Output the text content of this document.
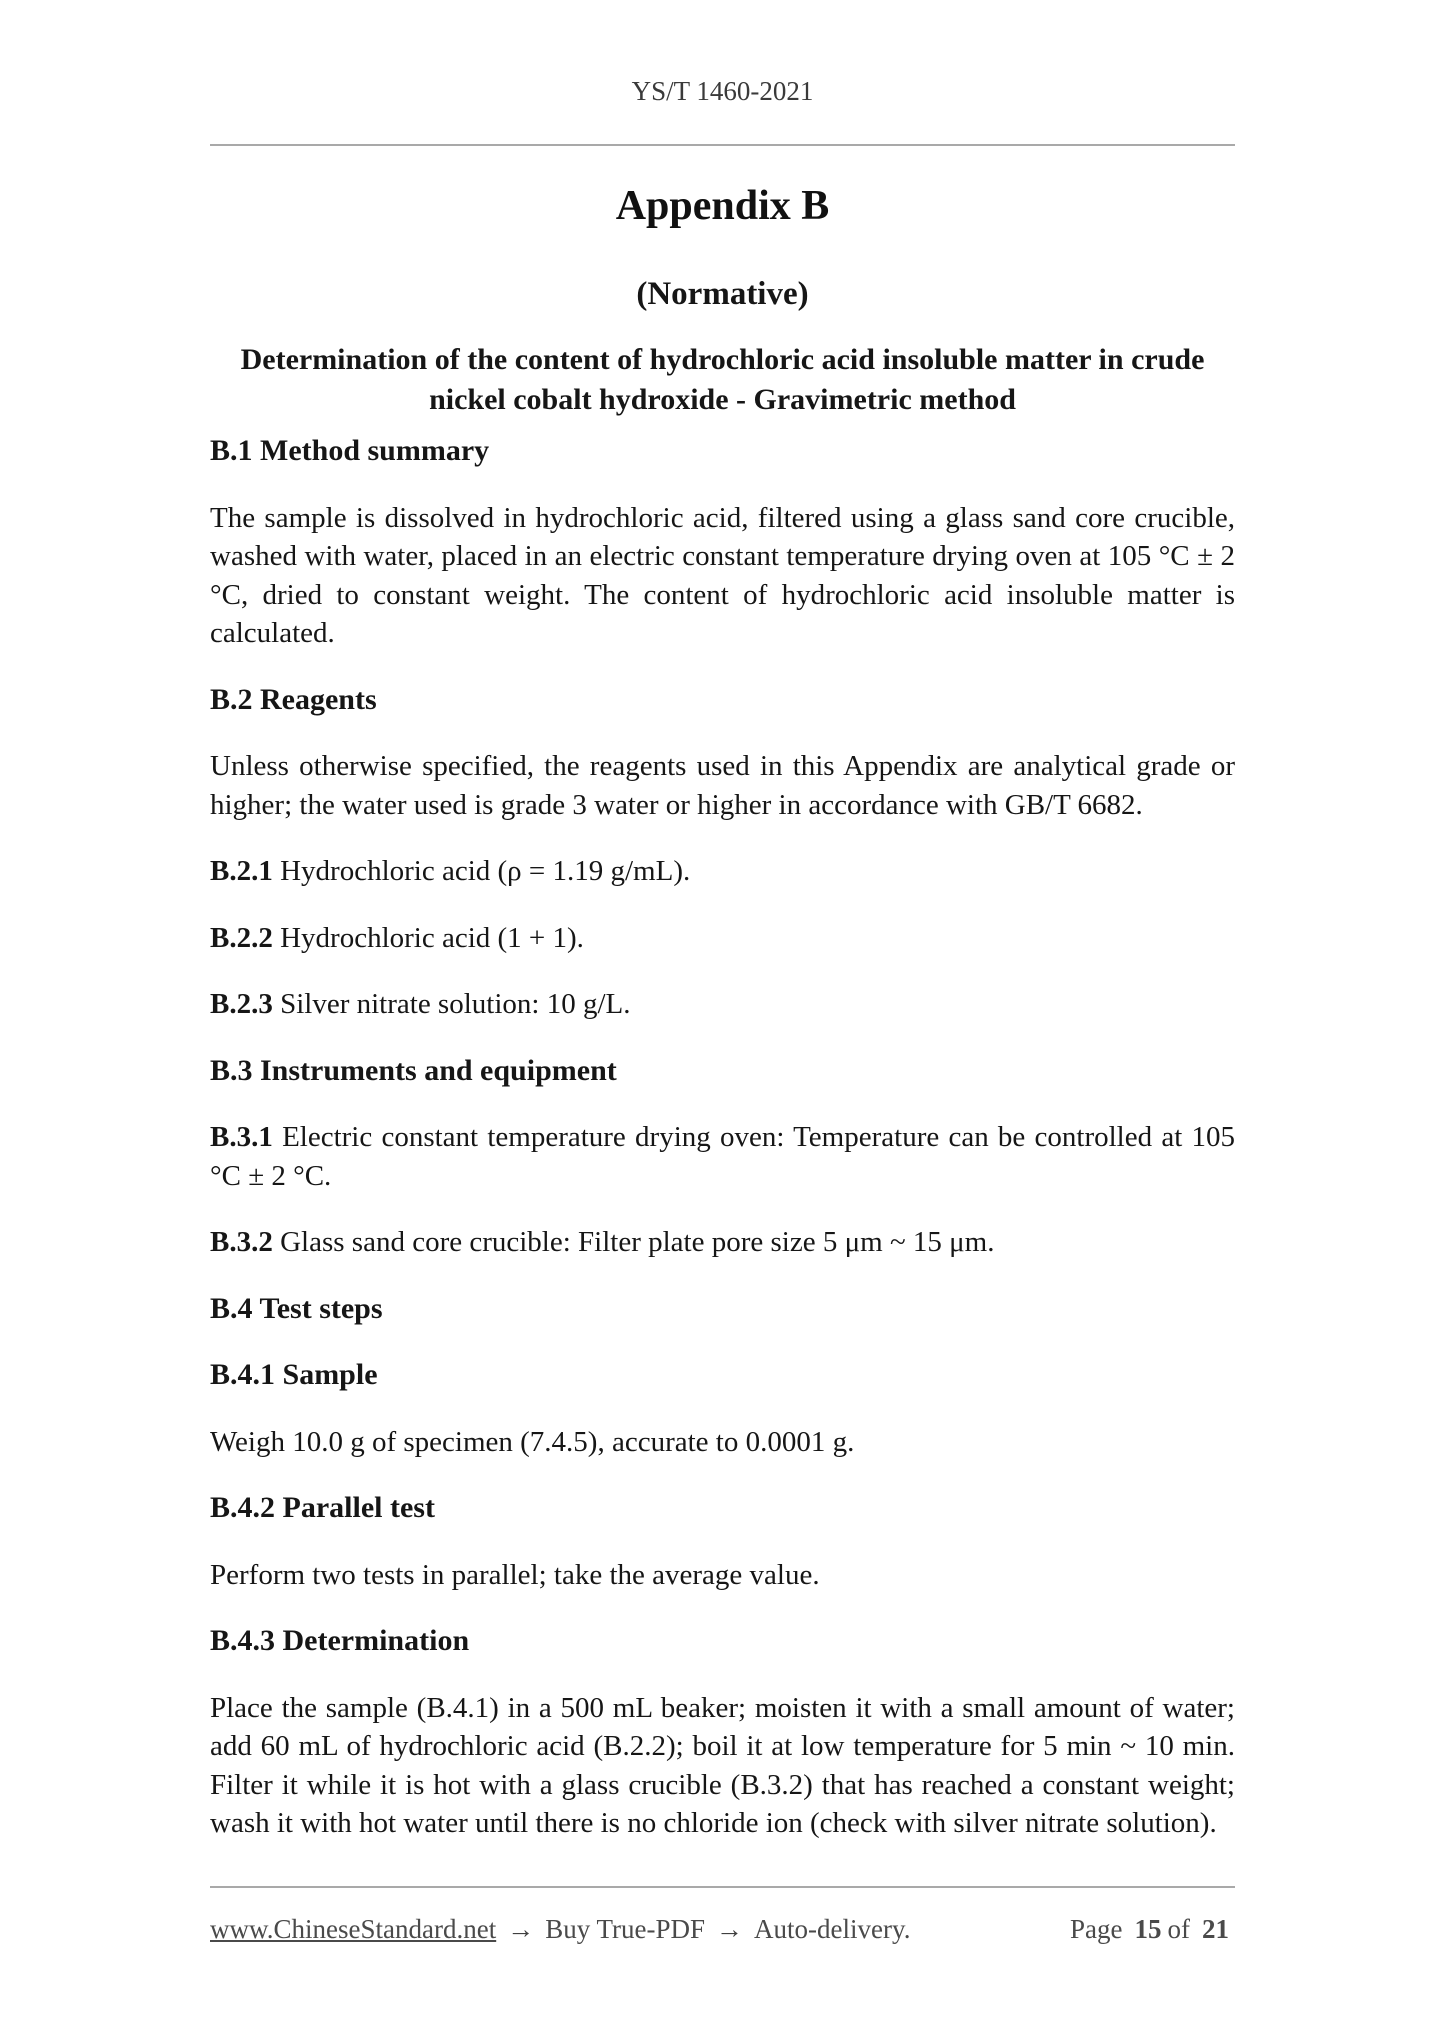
YS/T 1460-2021
Appendix B
(Normative)
Determination of the content of hydrochloric acid insoluble matter in crude
nickel cobalt hydroxide - Gravimetric method
B.1 Method summary

The sample is dissolved in hydrochloric acid, filtered using a glass sand core crucible, washed with water, placed in an electric constant temperature drying oven at 105 °C ± 2 °C, dried to constant weight. The content of hydrochloric acid insoluble matter is calculated.

B.2 Reagents

Unless otherwise specified, the reagents used in this Appendix are analytical grade or higher; the water used is grade 3 water or higher in accordance with GB/T 6682.

B.2.1 Hydrochloric acid (ρ = 1.19 g/mL).

B.2.2 Hydrochloric acid (1 + 1).

B.2.3 Silver nitrate solution: 10 g/L.

B.3 Instruments and equipment

B.3.1 Electric constant temperature drying oven: Temperature can be controlled at 105 °C ± 2 °C.

B.3.2 Glass sand core crucible: Filter plate pore size 5 μm ~ 15 μm.

B.4 Test steps
B.4.1 Sample

Weigh 10.0 g of specimen (7.4.5), accurate to 0.0001 g.

B.4.2 Parallel test

Perform two tests in parallel; take the average value.

B.4.3 Determination

Place the sample (B.4.1) in a 500 mL beaker; moisten it with a small amount of water; add 60 mL of hydrochloric acid (B.2.2); boil it at low temperature for 5 min ~ 10 min. Filter it while it is hot with a glass crucible (B.3.2) that has reached a constant weight; wash it with hot water until there is no chloride ion (check with silver nitrate solution).

www.ChineseStandard.net → Buy True-PDF → Auto-delivery.	Page 15 of 21
